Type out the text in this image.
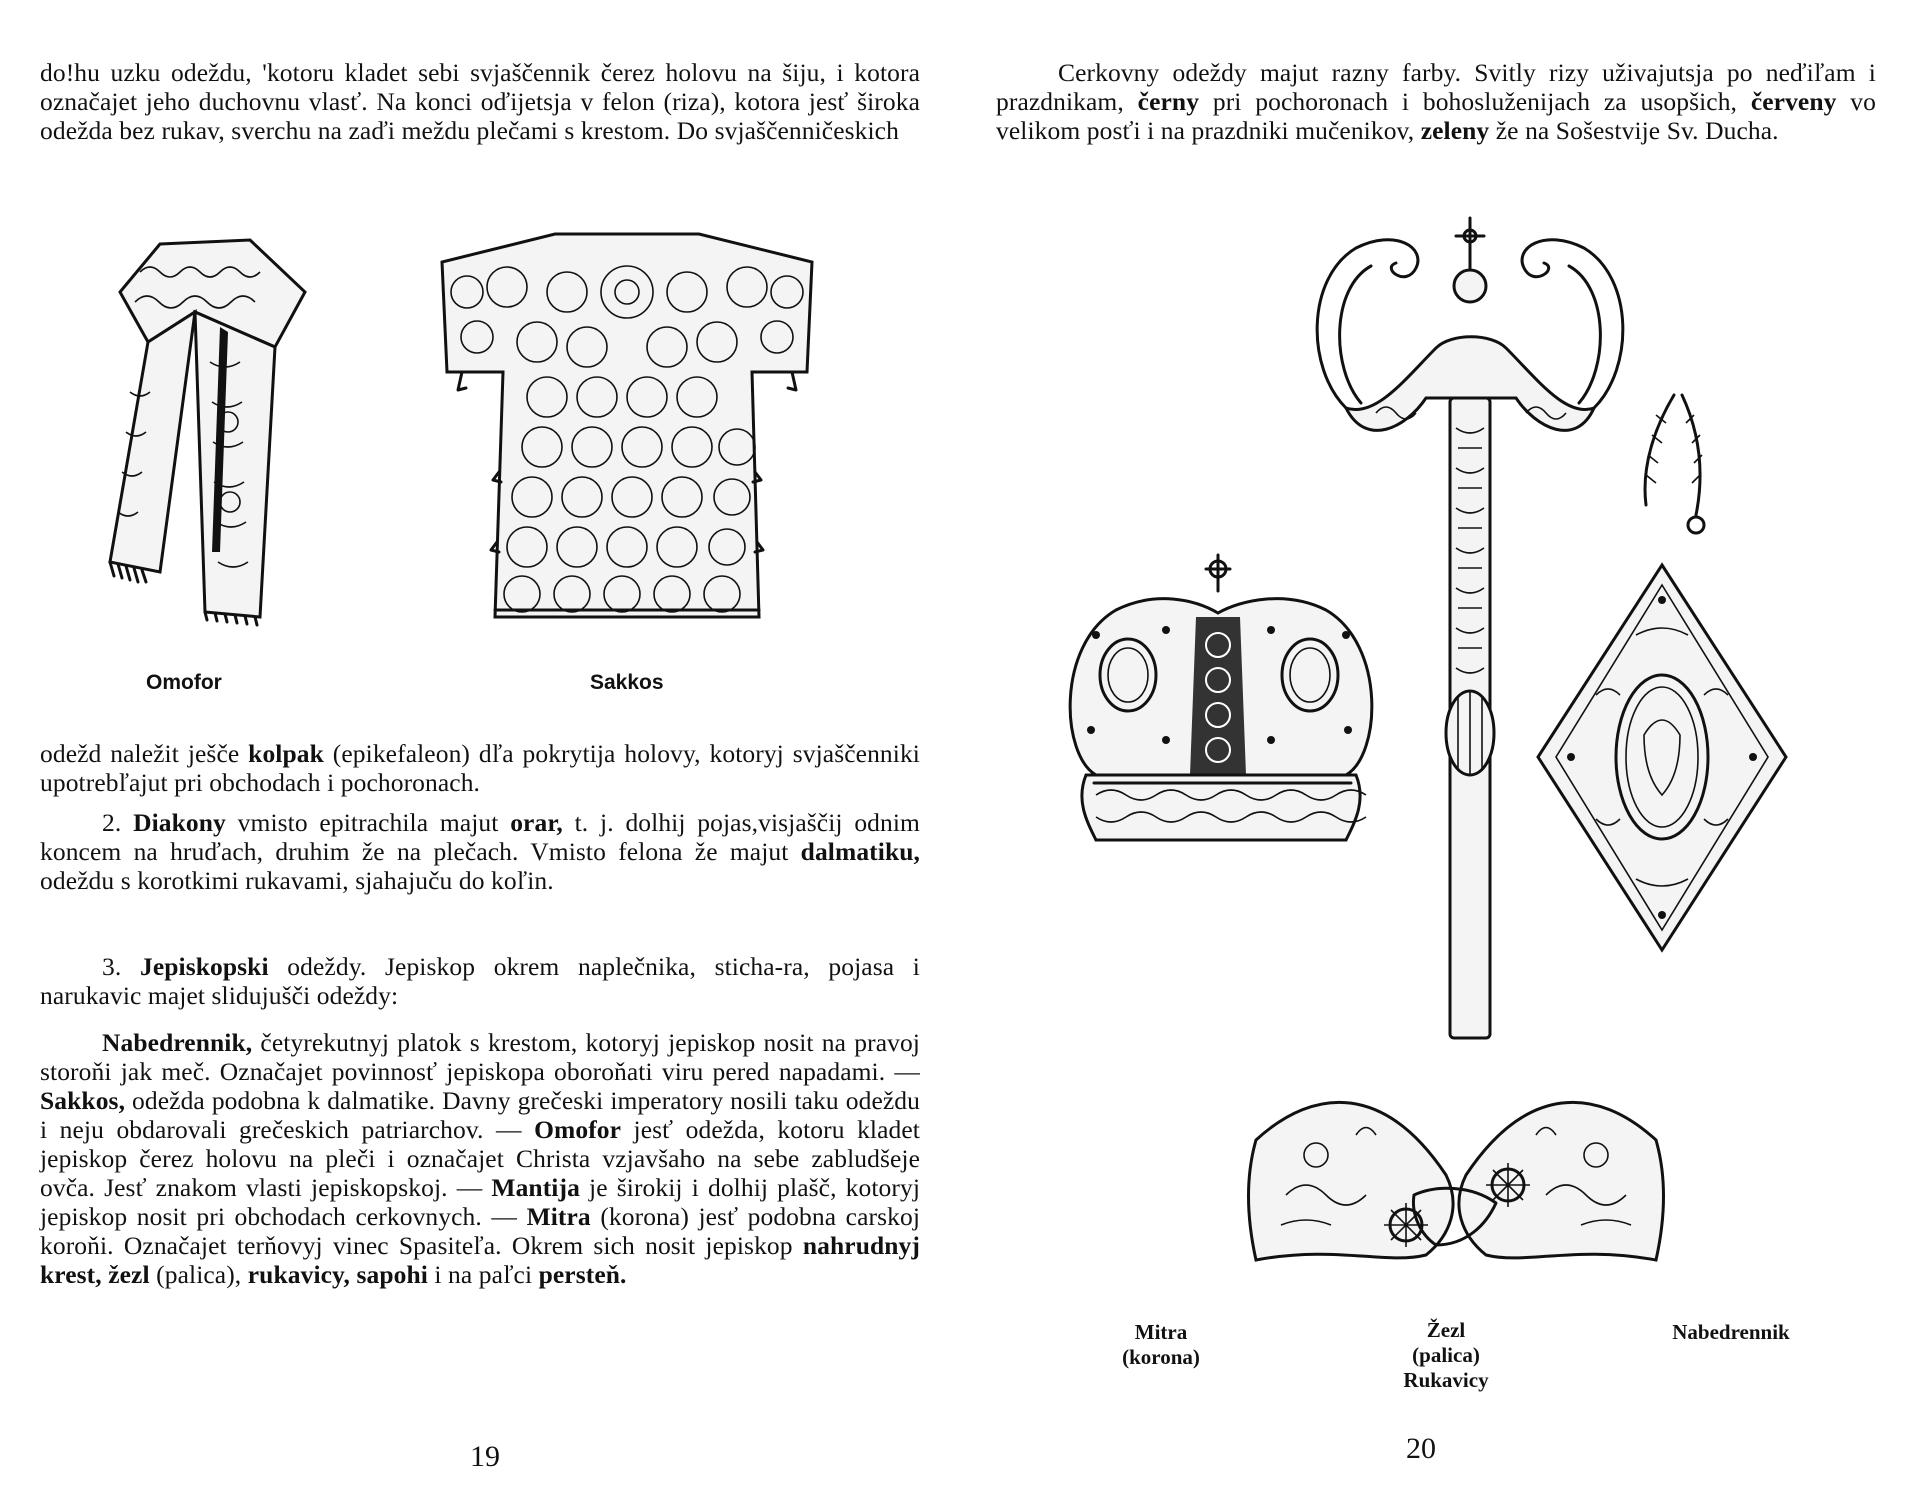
do!hu uzku odeždu, 'kotoru kladet sebi svjaščennik čerez holovu na šiju, i kotora označajet jeho duchovnu vlasť. Na konci oďijetsja v felon (riza), kotora jesť široka odežda bez rukav, sverchu na zaďi meždu plečami s krestom. Do svjaščenničeskich

Omofor	Sakkos

odežd naležit ješče kolpak (epikefaleon) dľa pokrytija holovy, kotoryj svjaščenniki upotrebľajut pri obchodach i pochoronach.

2. Diakony vmisto epitrachila majut orar, t. j. dolhij pojas,visjaščij odnim koncem na hruďach, druhim že na plečach. Vmisto felona že majut dalmatiku, odeždu s korotkimi rukavami, sjahajuču do koľin.

3. Jepiskopski odeždy. Jepiskop okrem naplečnika, sticha-ra, pojasa i narukavic majet slidujušči odeždy:

Nabedrennik, četyrekutnyj platok s krestom, kotoryj jepiskop nosit na pravoj storoňi jak meč. Označajet povinnosť jepiskopa oboroňati viru pered napadami. — Sakkos, odežda podobna k dalmatike. Davny grečeski imperatory nosili taku odeždu i neju obdarovali grečeskich patriarchov. — Omofor jesť odežda, kotoru kladet jepiskop čerez holovu na pleči i označajet Christa vzjavšaho na sebe zabludšeje ovča. Jesť znakom vlasti jepiskopskoj. — Mantija je širokij i dolhij plašč, kotoryj jepiskop nosit pri obchodach cerkovnych. — Mitra (korona) jesť podobna carskoj koroňi. Označajet terňovyj vinec Spasiteľa. Okrem sich nosit jepiskop nahrudnyj krest, žezl (palica), rukavicy, sapohi i na paľci persteň.

19

Cerkovny odeždy majut razny farby. Svitly rizy uživajutsja po neďiľam i prazdnikam, černy pri pochoronach i bohosluženijach za usopšich, červeny vo velikom posťi i na prazdniki mučenikov, zeleny že na Sošestvije Sv. Ducha.

Mitra
(korona)

Žezl
(palica)
Rukavicy

Nabedrennik

20
